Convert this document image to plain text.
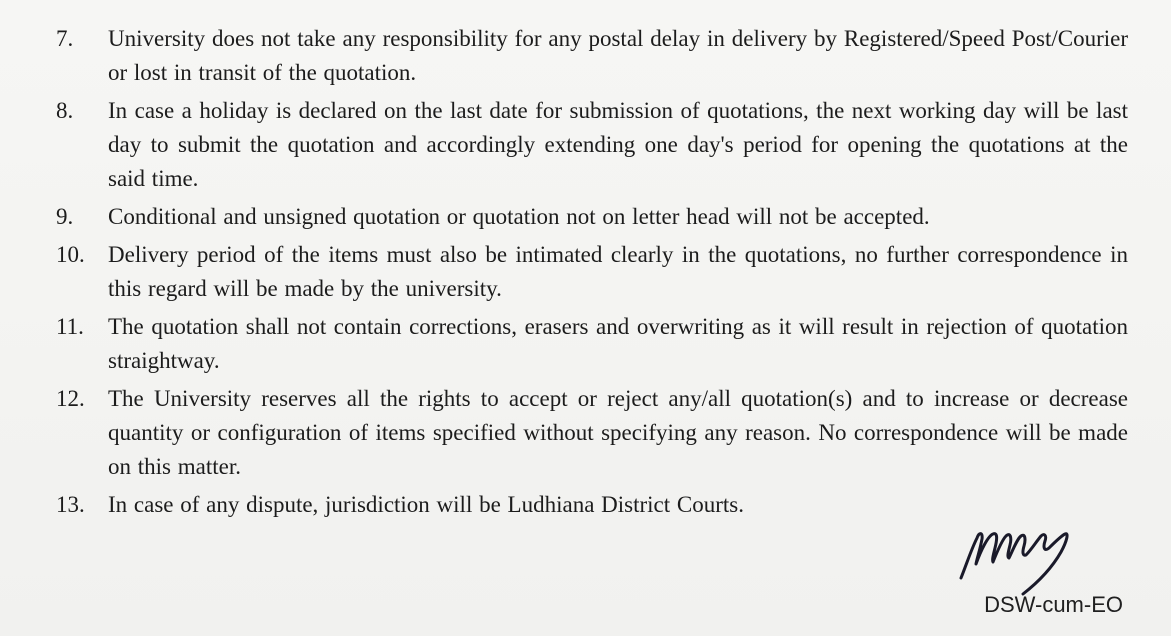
7.	University does not take any responsibility for any postal delay in delivery by Registered/Speed Post/Courier or lost in transit of the quotation.
8.	In case a holiday is declared on the last date for submission of quotations, the next working day will be last day to submit the quotation and accordingly extending one day's period for opening the quotations at the said time.
9.	Conditional and unsigned quotation or quotation not on letter head will not be accepted.
10.	Delivery period of the items must also be intimated clearly in the quotations, no further correspondence in this regard will be made by the university.
11.	The quotation shall not contain corrections, erasers and overwriting as it will result in rejection of quotation straightway.
12.	The University reserves all the rights to accept or reject any/all quotation(s) and to increase or decrease quantity or configuration of items specified without specifying any reason. No correspondence will be made on this matter.
13.	In case of any dispute, jurisdiction will be Ludhiana District Courts.
DSW-cum-EO
